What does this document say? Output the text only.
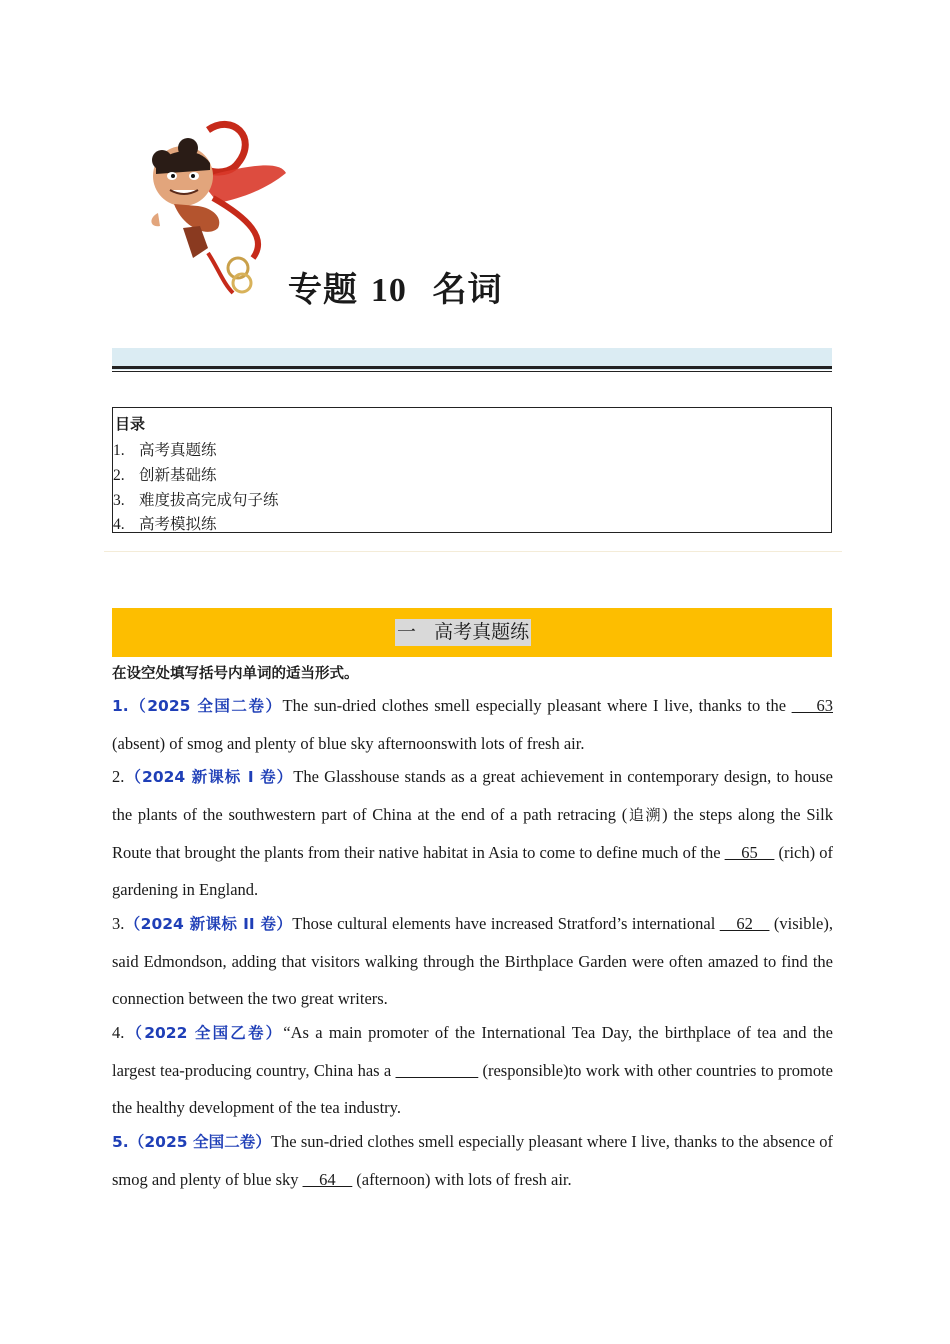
专题 10 名词
目录
1. 高考真题练
2. 创新基础练
3. 难度拔高完成句子练
4. 高考模拟练
一   高考真题练
在设空处填写括号内单词的适当形式。
1.（2025 全国二卷）The sun-dried clothes smell especially pleasant where I live, thanks to the ___63 (absent) of smog and plenty of blue sky afternoonswith lots of fresh air.
2.（2024 新课标 I 卷）The Glasshouse stands as a great achievement in contemporary design, to house the plants of the southwestern part of China at the end of a path retracing (追溯) the steps along the Silk Route that brought the plants from their native habitat in Asia to come to define much of the __65__ (rich) of gardening in England.
3.（2024 新课标 II 卷）Those cultural elements have increased Stratford’s international __62__ (visible), said Edmondson, adding that visitors walking through the Birthplace Garden were often amazed to find the connection between the two great writers.
4.（2022 全国乙卷）“As a main promoter of the International Tea Day, the birthplace of tea and the largest tea-producing country, China has a __________ (responsible)to work with other countries to promote the healthy development of the tea industry.
5.（2025 全国二卷）The sun-dried clothes smell especially pleasant where I live, thanks to the absence of smog and plenty of blue sky __64__ (afternoon) with lots of fresh air.
